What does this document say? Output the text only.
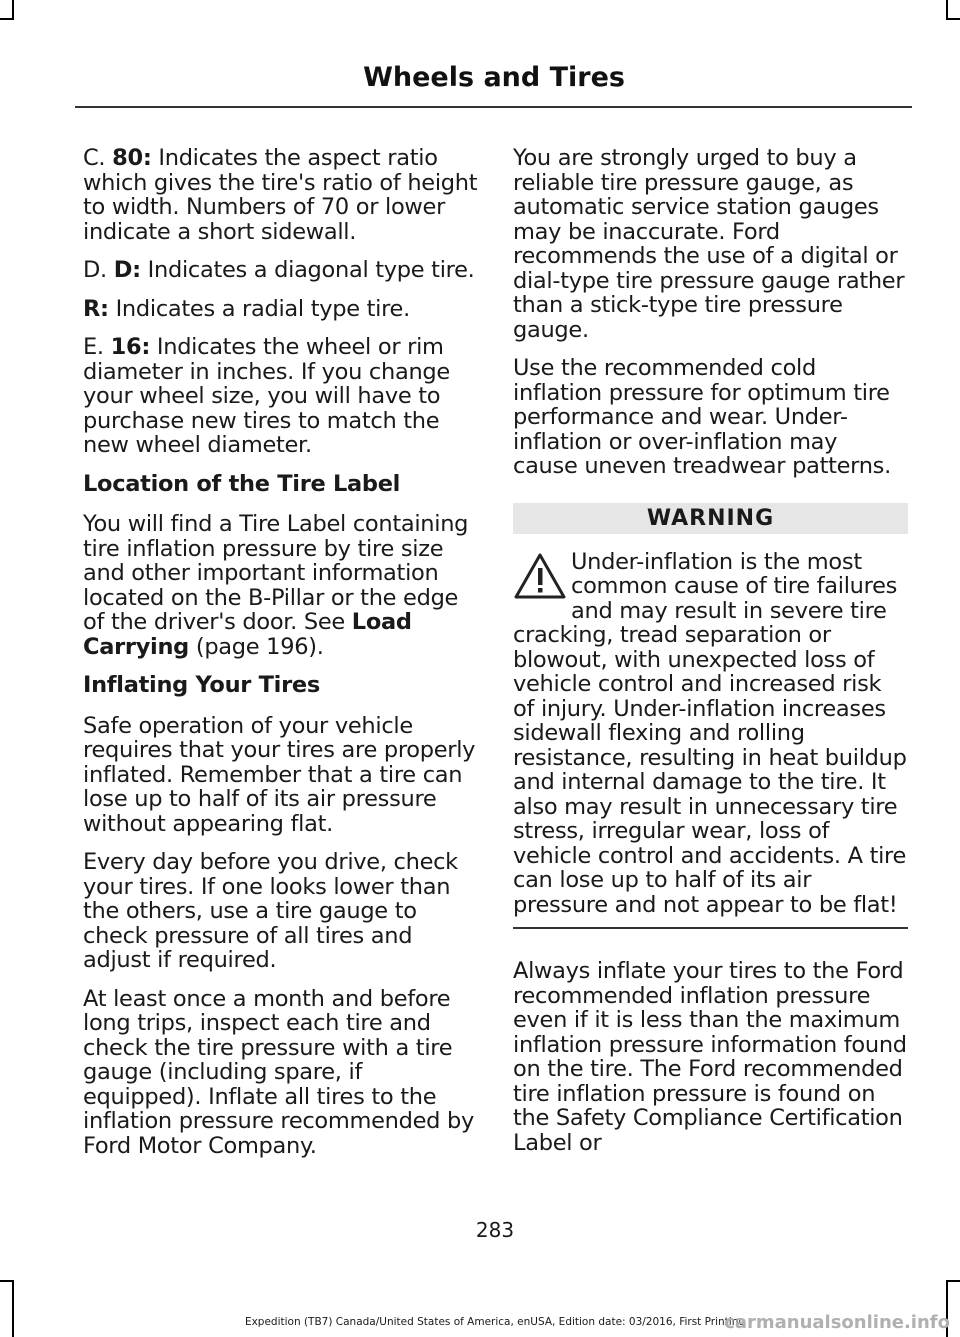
Wheels and Tires

C. 80: Indicates the aspect ratio which gives the tire's ratio of height to width. Numbers of 70 or lower indicate a short sidewall.

D. D: Indicates a diagonal type tire.

R: Indicates a radial type tire.

E. 16: Indicates the wheel or rim diameter in inches. If you change your wheel size, you will have to purchase new tires to match the new wheel diameter.

Location of the Tire Label

You will find a Tire Label containing tire inflation pressure by tire size and other important information located on the B-Pillar or the edge of the driver's door. See Load Carrying (page 196).

Inflating Your Tires

Safe operation of your vehicle requires that your tires are properly inflated. Remember that a tire can lose up to half of its air pressure without appearing flat.

Every day before you drive, check your tires. If one looks lower than the others, use a tire gauge to check pressure of all tires and adjust if required.

At least once a month and before long trips, inspect each tire and check the tire pressure with a tire gauge (including spare, if equipped). Inflate all tires to the inflation pressure recommended by Ford Motor Company.

You are strongly urged to buy a reliable tire pressure gauge, as automatic service station gauges may be inaccurate. Ford recommends the use of a digital or dial-type tire pressure gauge rather than a stick-type tire pressure gauge.

Use the recommended cold inflation pressure for optimum tire performance and wear. Under-inflation or over-inflation may cause uneven treadwear patterns.

WARNING

Under-inflation is the most common cause of tire failures and may result in severe tire cracking, tread separation or blowout, with unexpected loss of vehicle control and increased risk of injury. Under-inflation increases sidewall flexing and rolling resistance, resulting in heat buildup and internal damage to the tire. It also may result in unnecessary tire stress, irregular wear, loss of vehicle control and accidents. A tire can lose up to half of its air pressure and not appear to be flat!

Always inflate your tires to the Ford recommended inflation pressure even if it is less than the maximum inflation pressure information found on the tire. The Ford recommended tire inflation pressure is found on the Safety Compliance Certification Label or

283
Expedition (TB7) Canada/United States of America, enUSA, Edition date: 03/2016, First Printing
carmanualsonline.info
